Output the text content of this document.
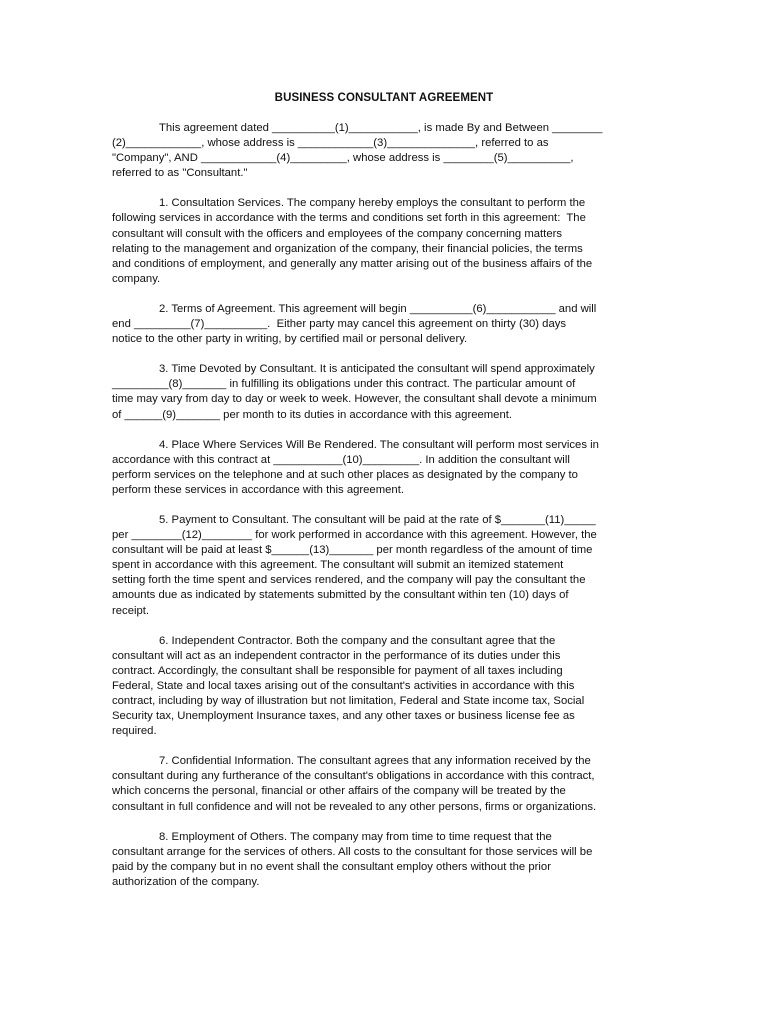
BUSINESS CONSULTANT AGREEMENT

This agreement dated __________(1)___________, is made By and Between ________
(2)____________, whose address is ____________(3)______________, referred to as
"Company", AND ____________(4)_________, whose address is ________(5)__________,
referred to as "Consultant."

1. Consultation Services. The company hereby employs the consultant to perform the
following services in accordance with the terms and conditions set forth in this agreement:  The
consultant will consult with the officers and employees of the company concerning matters
relating to the management and organization of the company, their financial policies, the terms
and conditions of employment, and generally any matter arising out of the business affairs of the
company.

2. Terms of Agreement. This agreement will begin __________(6)___________ and will
end _________(7)__________.  Either party may cancel this agreement on thirty (30) days
notice to the other party in writing, by certified mail or personal delivery.

3. Time Devoted by Consultant. It is anticipated the consultant will spend approximately
_________(8)_______ in fulfilling its obligations under this contract. The particular amount of
time may vary from day to day or week to week. However, the consultant shall devote a minimum
of ______(9)_______ per month to its duties in accordance with this agreement.

4. Place Where Services Will Be Rendered. The consultant will perform most services in
accordance with this contract at ___________(10)_________. In addition the consultant will
perform services on the telephone and at such other places as designated by the company to
perform these services in accordance with this agreement.

5. Payment to Consultant. The consultant will be paid at the rate of $_______(11)_____
per ________(12)________ for work performed in accordance with this agreement. However, the
consultant will be paid at least $______(13)_______ per month regardless of the amount of time
spent in accordance with this agreement. The consultant will submit an itemized statement
setting forth the time spent and services rendered, and the company will pay the consultant the
amounts due as indicated by statements submitted by the consultant within ten (10) days of
receipt.

6. Independent Contractor. Both the company and the consultant agree that the
consultant will act as an independent contractor in the performance of its duties under this
contract. Accordingly, the consultant shall be responsible for payment of all taxes including
Federal, State and local taxes arising out of the consultant's activities in accordance with this
contract, including by way of illustration but not limitation, Federal and State income tax, Social
Security tax, Unemployment Insurance taxes, and any other taxes or business license fee as
required.

7. Confidential Information. The consultant agrees that any information received by the
consultant during any furtherance of the consultant's obligations in accordance with this contract,
which concerns the personal, financial or other affairs of the company will be treated by the
consultant in full confidence and will not be revealed to any other persons, firms or organizations.

8. Employment of Others. The company may from time to time request that the
consultant arrange for the services of others. All costs to the consultant for those services will be
paid by the company but in no event shall the consultant employ others without the prior
authorization of the company.
